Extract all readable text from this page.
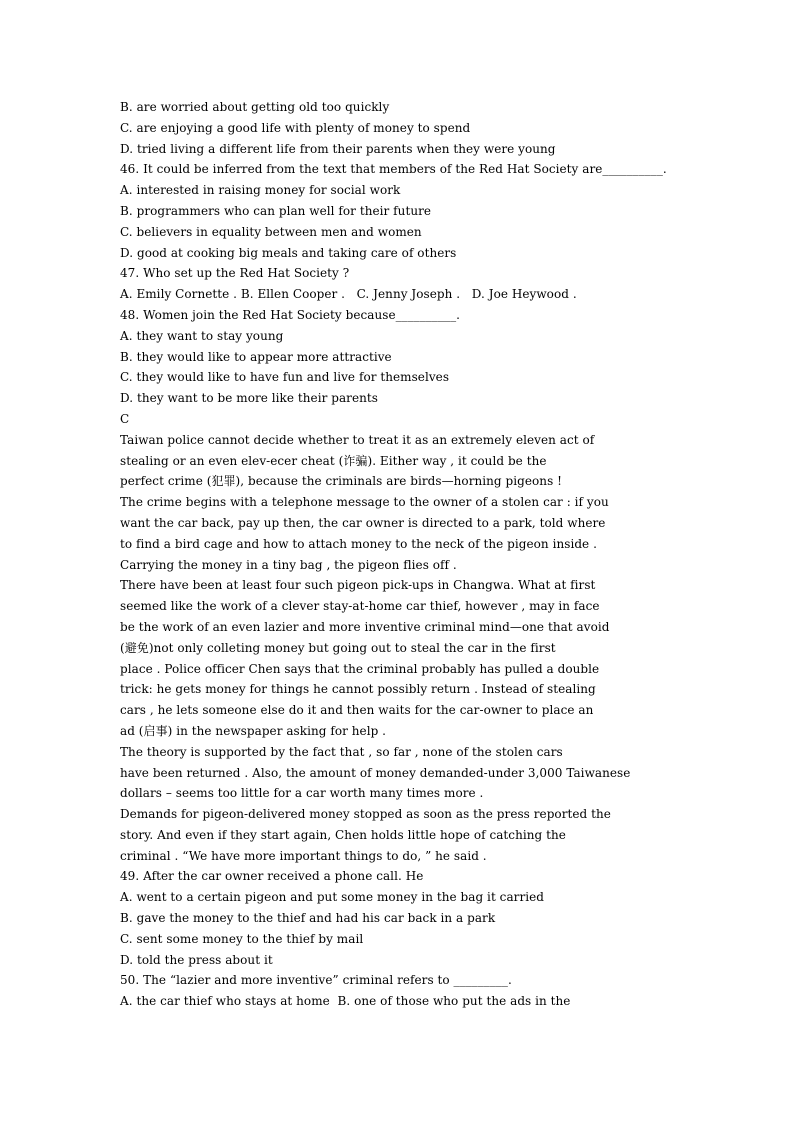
B. are worried about getting old too quickly

C. are enjoying a good life with plenty of money to spend

D. tried living a different life from their parents when they were young

46. It could be inferred from the text that members of the Red Hat Society are__________.

A. interested in raising money for social work

B. programmers who can plan well for their future

C. believers in equality between men and women

D. good at cooking big meals and taking care of others

47. Who set up the Red Hat Society ?

A. Emily Cornette . B. Ellen Cooper .   C. Jenny Joseph .   D. Joe Heywood .

48. Women join the Red Hat Society because__________.

A. they want to stay young

B. they would like to appear more attractive

C. they would like to have fun and live for themselves

D. they want to be more like their parents

C

Taiwan police cannot decide whether to treat it as an extremely eleven act of

stealing or an even elev-ecer cheat (诈骗). Either way , it could be the

perfect crime (犯罪), because the criminals are birds—horning pigeons !

The crime begins with a telephone message to the owner of a stolen car : if you

want the car back, pay up then, the car owner is directed to a park, told where

to find a bird cage and how to attach money to the neck of the pigeon inside .

Carrying the money in a tiny bag , the pigeon flies off .

There have been at least four such pigeon pick-ups in Changwa. What at first

seemed like the work of a clever stay-at-home car thief, however , may in face

be the work of an even lazier and more inventive criminal mind—one that avoid

(避免)not only colleting money but going out to steal the car in the first

place . Police officer Chen says that the criminal probably has pulled a double

trick: he gets money for things he cannot possibly return . Instead of stealing

cars , he lets someone else do it and then waits for the car-owner to place an

ad (启事) in the newspaper asking for help .

The theory is supported by the fact that , so far , none of the stolen cars

have been returned . Also, the amount of money demanded-under 3,000 Taiwanese

dollars – seems too little for a car worth many times more .

Demands for pigeon-delivered money stopped as soon as the press reported the

story. And even if they start again, Chen holds little hope of catching the

criminal . “We have more important things to do, ” he said .

49. After the car owner received a phone call. He

A. went to a certain pigeon and put some money in the bag it carried

B. gave the money to the thief and had his car back in a park

C. sent some money to the thief by mail

D. told the press about it

50. The “lazier and more inventive” criminal refers to _________.

A. the car thief who stays at home  B. one of those who put the ads in the
